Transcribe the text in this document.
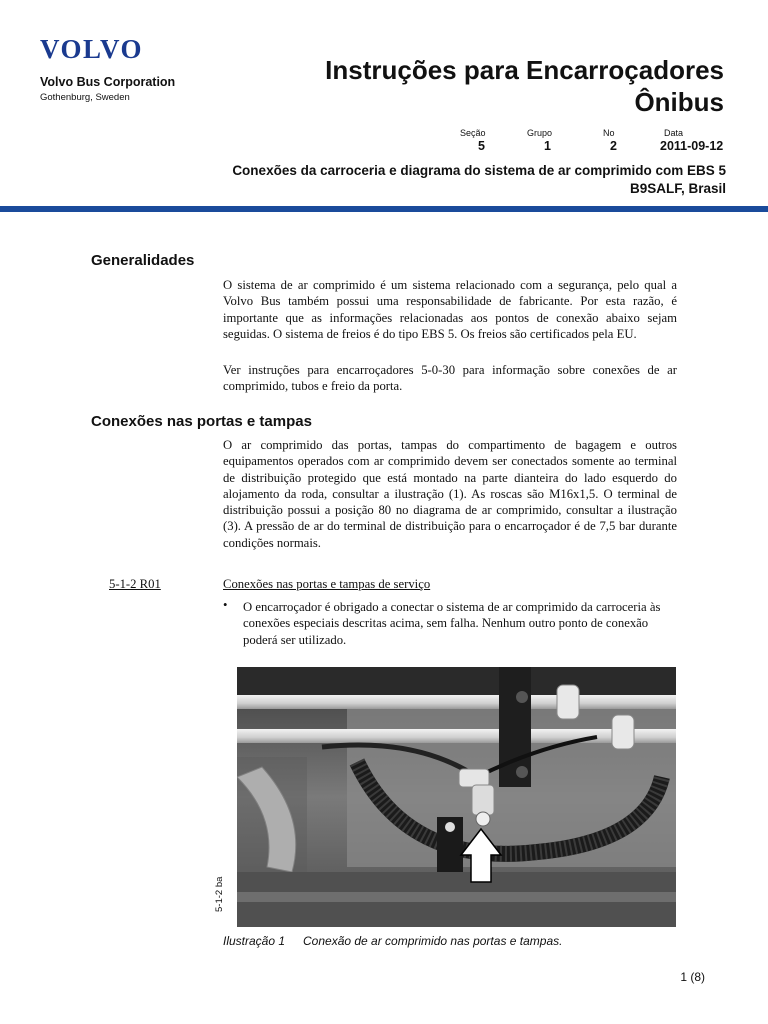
VOLVO
Volvo Bus Corporation
Gothenburg, Sweden
Instruções para Encarroçadores
Ônibus
Seção	Grupo	No	Data
5	1	2	2011-09-12
Conexões da carroceria e diagrama do sistema de ar comprimido com EBS 5
B9SALF, Brasil
Generalidades
O sistema de ar comprimido é um sistema relacionado com a segurança, pelo qual a Volvo Bus também possui uma responsabilidade de fabricante. Por esta razão, é importante que as informações relacionadas aos pontos de conexão abaixo sejam seguidas. O sistema de freios é do tipo EBS 5. Os freios são certificados pela EU.
Ver instruções para encarroçadores 5-0-30 para informação sobre conexões de ar comprimido, tubos e freio da porta.
Conexões nas portas e tampas
O ar comprimido das portas, tampas do compartimento de bagagem e outros equipamentos operados com ar comprimido devem ser conectados somente ao terminal de distribuição protegido que está montado na parte dianteira do lado esquerdo do alojamento da roda, consultar a ilustração (1). As roscas são M16x1,5. O terminal de distribuição possui a posição 80 no diagrama de ar comprimido, consultar a ilustração (3). A pressão de ar do terminal de distribuição para o encarroçador é de 7,5 bar durante condições normais.
5-1-2 R01	Conexões nas portas e tampas de serviço
• O encarroçador é obrigado a conectar o sistema de ar comprimido da carroceria às conexões especiais descritas acima, sem falha. Nenhum outro ponto de conexão poderá ser utilizado.
5-1-2 ba
Ilustração 1 Conexão de ar comprimido nas portas e tampas.
1 (8)
